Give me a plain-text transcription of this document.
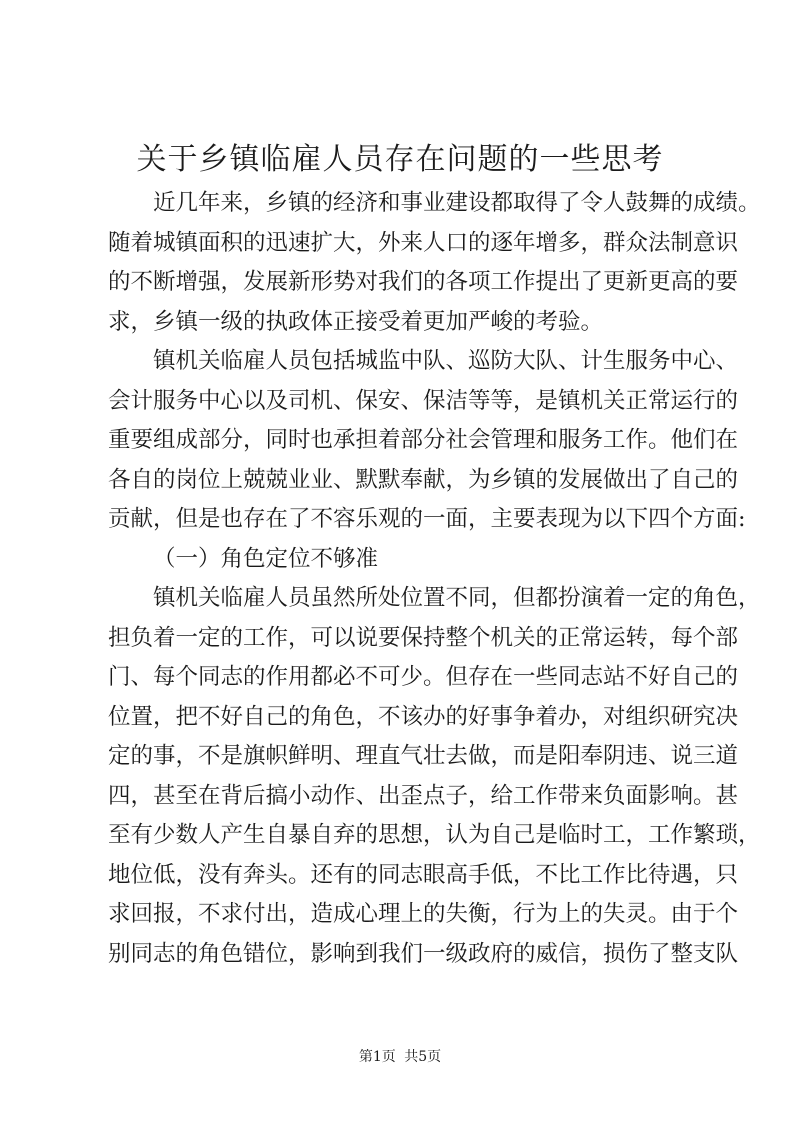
关于乡镇临雇人员存在问题的一些思考
近几年来，乡镇的经济和事业建设都取得了令人鼓舞的成绩。
随着城镇面积的迅速扩大，外来人口的逐年增多，群众法制意识
的不断增强，发展新形势对我们的各项工作提出了更新更高的要
求，乡镇一级的执政体正接受着更加严峻的考验。
镇机关临雇人员包括城监中队、巡防大队、计生服务中心、
会计服务中心以及司机、保安、保洁等等，是镇机关正常运行的
重要组成部分，同时也承担着部分社会管理和服务工作。他们在
各自的岗位上兢兢业业、默默奉献，为乡镇的发展做出了自己的
贡献，但是也存在了不容乐观的一面，主要表现为以下四个方面:
（一）角色定位不够准
镇机关临雇人员虽然所处位置不同，但都扮演着一定的角色，
担负着一定的工作，可以说要保持整个机关的正常运转，每个部
门、每个同志的作用都必不可少。但存在一些同志站不好自己的
位置，把不好自己的角色，不该办的好事争着办，对组织研究决
定的事，不是旗帜鲜明、理直气壮去做，而是阳奉阴违、说三道
四，甚至在背后搞小动作、出歪点子，给工作带来负面影响。甚
至有少数人产生自暴自弃的思想，认为自己是临时工，工作繁琐，
地位低，没有奔头。还有的同志眼高手低，不比工作比待遇，只
求回报，不求付出，造成心理上的失衡，行为上的失灵。由于个
别同志的角色错位，影响到我们一级政府的威信，损伤了整支队
第1页 共5页
